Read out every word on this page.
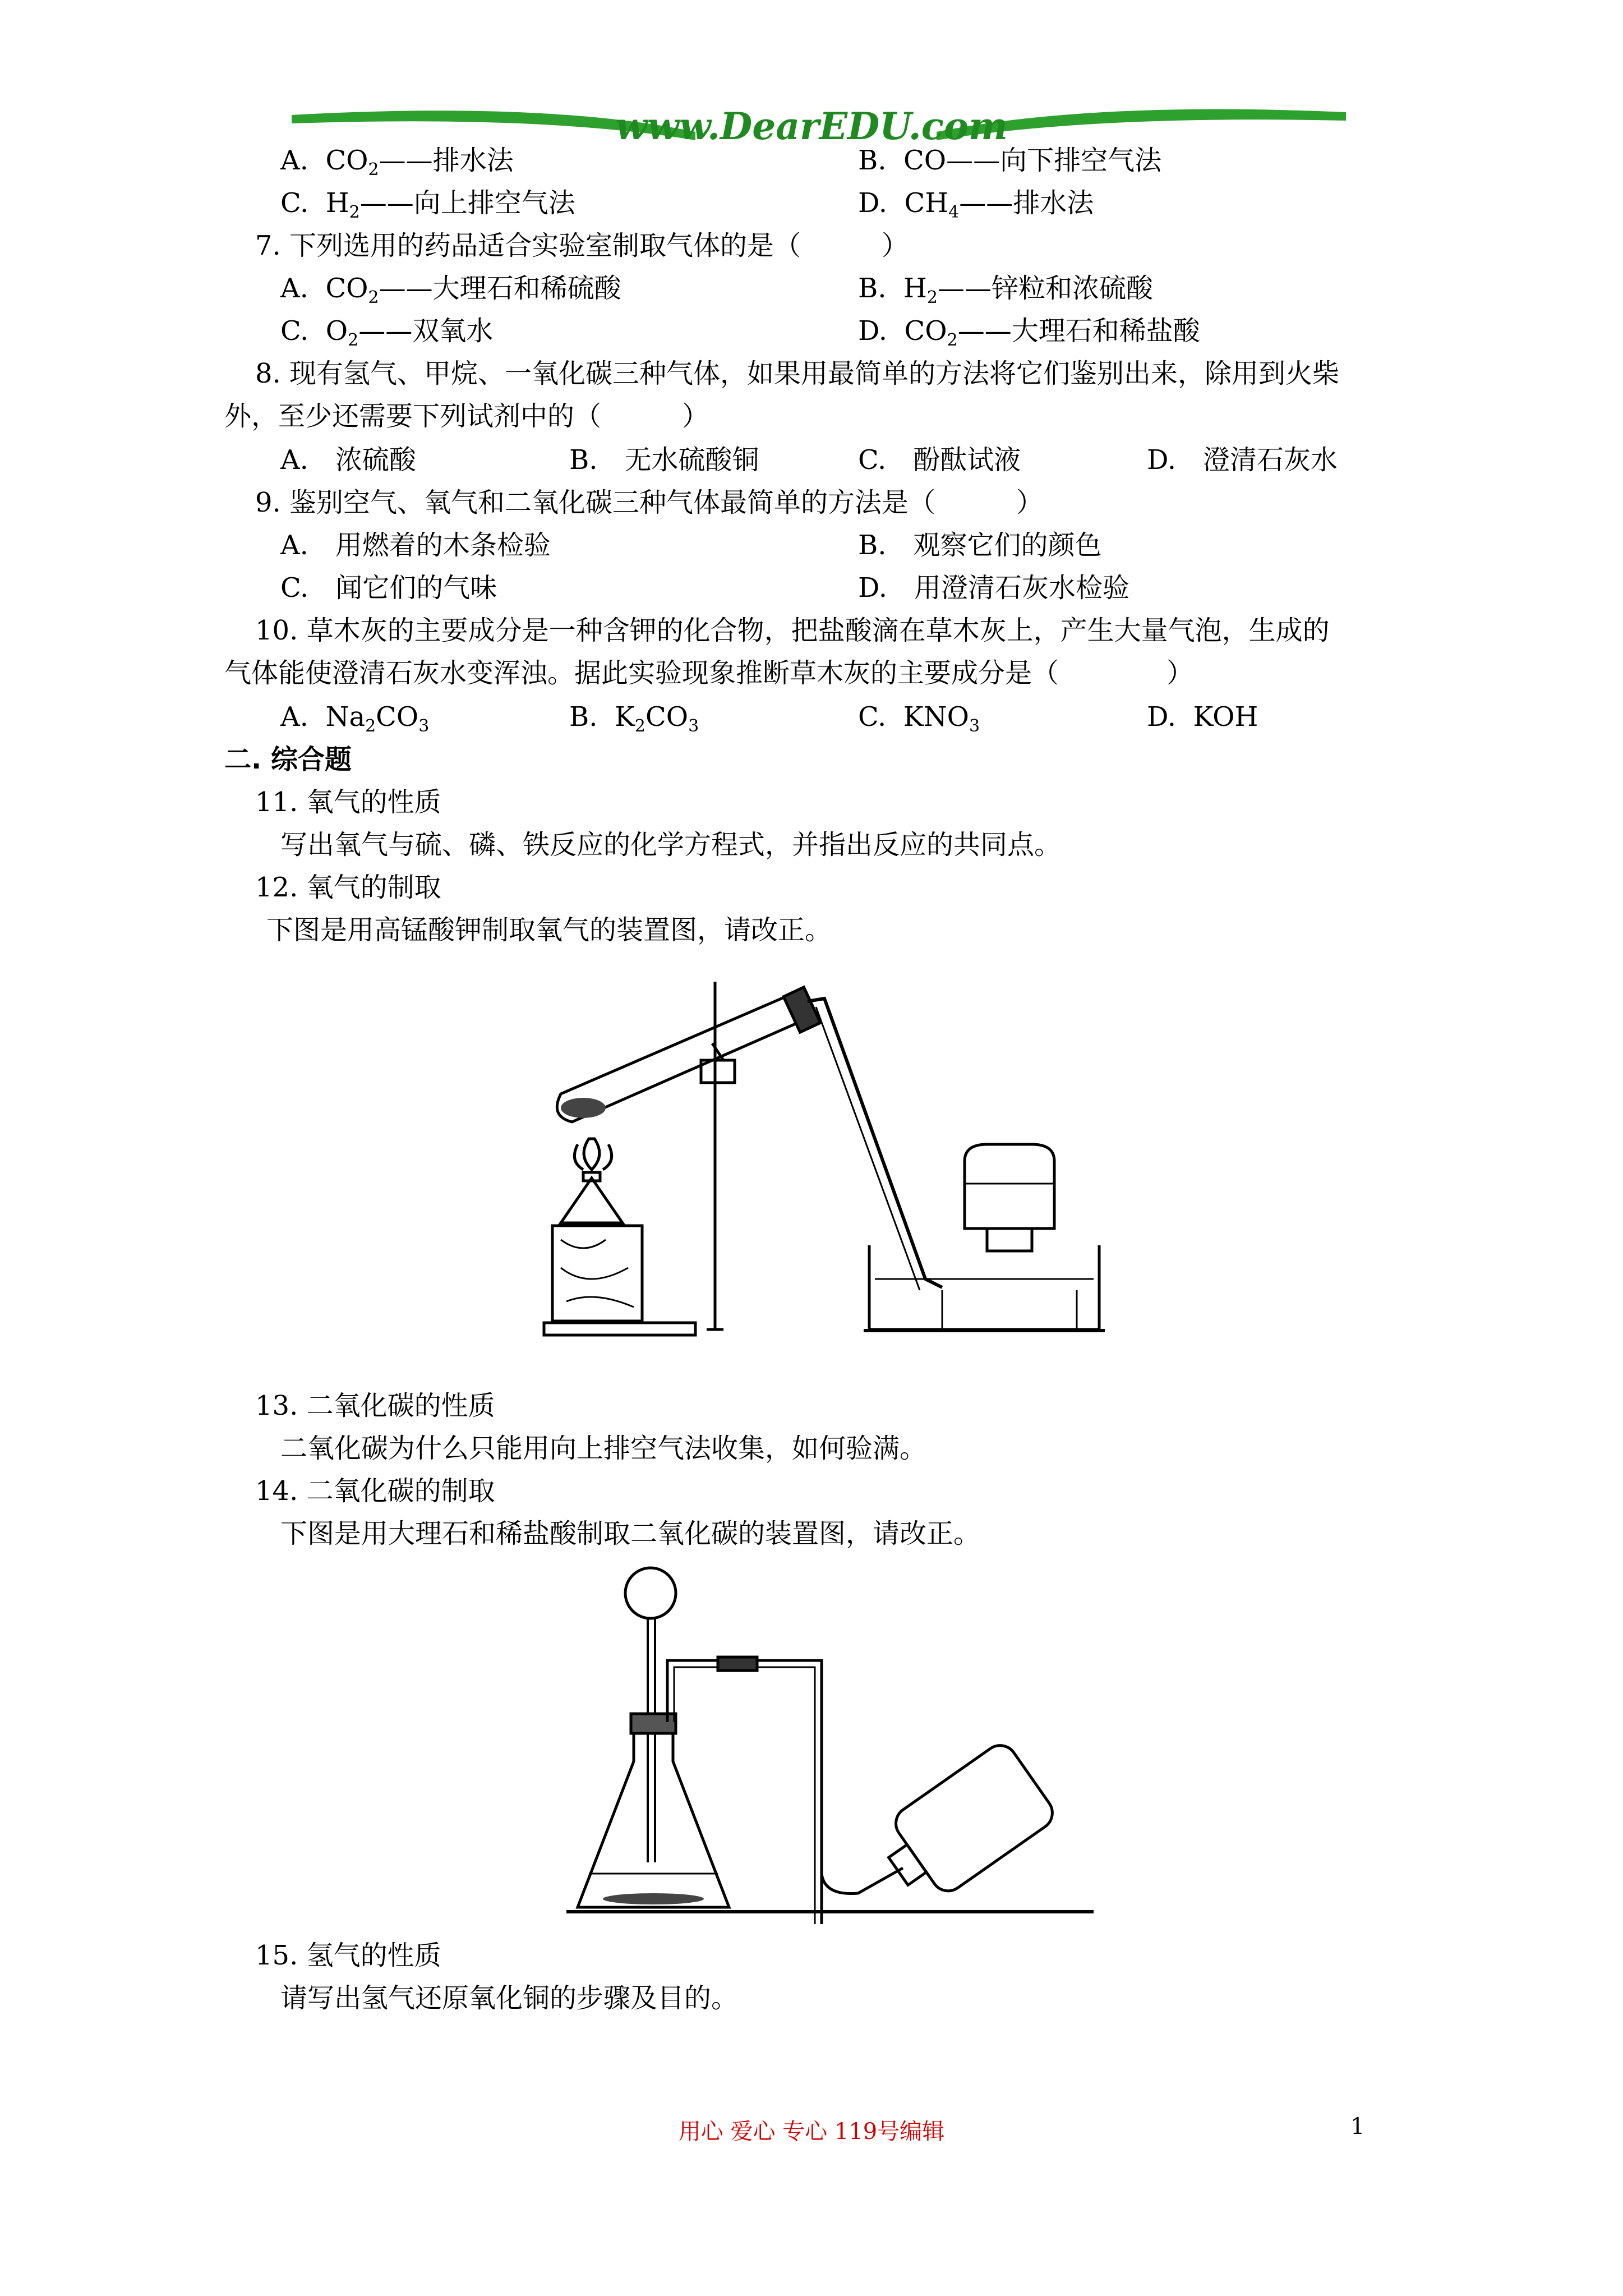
www.DearEDU.com
A. $CO_2——$排水法	B. CO——向下排空气法
C. $H_2——$向上排空气法	D. $CH_4——$排水法
7. 下列选用的药品适合实验室制取气体的是（　　　）
A. $CO_2——$大理石和稀硫酸	B. $H_2——$锌粒和浓硫酸
C. $O_2——$双氧水	D. $CO_2——$大理石和稀盐酸
8. 现有氢气、甲烷、一氧化碳三种气体，如果用最简单的方法将它们鉴别出来，除用到火柴
外，至少还需要下列试剂中的（　　　）
A.　浓硫酸	B.　无水硫酸铜	C.　酚酞试液	D.　澄清石灰水
9. 鉴别空气、氧气和二氧化碳三种气体最简单的方法是（　　　）
A.　用燃着的木条检验	B.　观察它们的颜色
C.　闻它们的气味	D.　用澄清石灰水检验
10. 草木灰的主要成分是一种含钾的化合物，把盐酸滴在草木灰上，产生大量气泡，生成的
气体能使澄清石灰水变浑浊。据此实验现象推断草木灰的主要成分是（　　　　）
A. $Na_2CO_3$	B. $K_2CO_3$	C. $KNO_3$	D. KOH
二. 综合题
11. 氧气的性质
写出氧气与硫、磷、铁反应的化学方程式，并指出反应的共同点。
12. 氧气的制取
下图是用高锰酸钾制取氧气的装置图，请改正。
13. 二氧化碳的性质
二氧化碳为什么只能用向上排空气法收集，如何验满。
14. 二氧化碳的制取
下图是用大理石和稀盐酸制取二氧化碳的装置图，请改正。
15. 氢气的性质
请写出氢气还原氧化铜的步骤及目的。
用心 爱心 专心 119号编辑	1
